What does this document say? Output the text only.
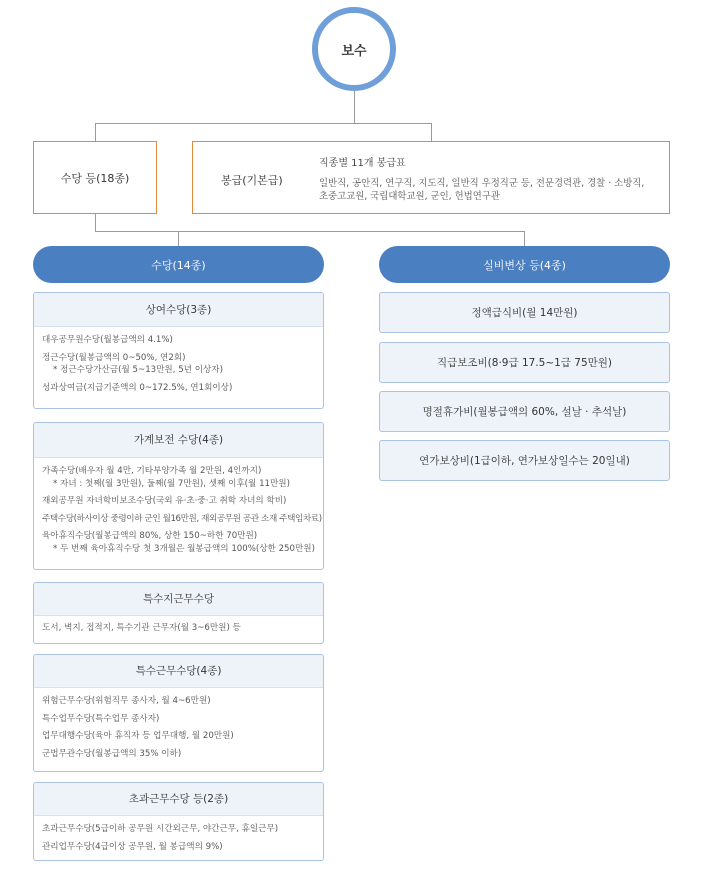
보수
수당 등(18종)	봉급(기본급)
직종별 11개 봉급표
일반직, 공안직, 연구직, 지도직, 일반직 우정직군 등, 전문경력관, 경찰 · 소방직,
초중고교원, 국립대학교원, 군인, 헌법연구관
수당(14종)	실비변상 등(4종)
상여수당(3종)
대우공무원수당(월봉급액의 4.1%)
정근수당(월봉급액의 0~50%, 연2회)
* 정근수당가산금(월 5~13만원, 5년 이상자)
성과상여금(지급기준액의 0~172.5%, 연1회이상)
가계보전 수당(4종)
가족수당(배우자 월 4만, 기타부양가족 월 2만원, 4인까지)
* 자녀 : 첫째(월 3만원), 둘째(월 7만원), 셋째 이후(월 11만원)
재외공무원 자녀학비보조수당(국외 유·초·중·고 취학 자녀의 학비)
주택수당(하사이상 중령이하 군인 월16만원, 재외공무원 공관 소재 주택임차료)
육아휴직수당(월봉급액의 80%, 상한 150~하한 70만원)
* 두 번째 육아휴직수당 첫 3개월은 월봉급액의 100%(상한 250만원)
특수지근무수당
도서, 벽지, 접적지, 특수기관 근무자(월 3~6만원) 등
특수근무수당(4종)
위험근무수당(위험직무 종사자, 월 4~6만원)
특수업무수당(특수업무 종사자)
업무대행수당(육아 휴직자 등 업무대행, 월 20만원)
군법무관수당(월봉급액의 35% 이하)
초과근무수당 등(2종)
초과근무수당(5급이하 공무원 시간외근무, 야간근무, 휴일근무)
관리업무수당(4급이상 공무원, 월 봉급액의 9%)
정액급식비(월 14만원)
직급보조비(8·9급 17.5~1급 75만원)
명절휴가비(월봉급액의 60%, 설날 · 추석날)
연가보상비(1급이하, 연가보상일수는 20일내)
